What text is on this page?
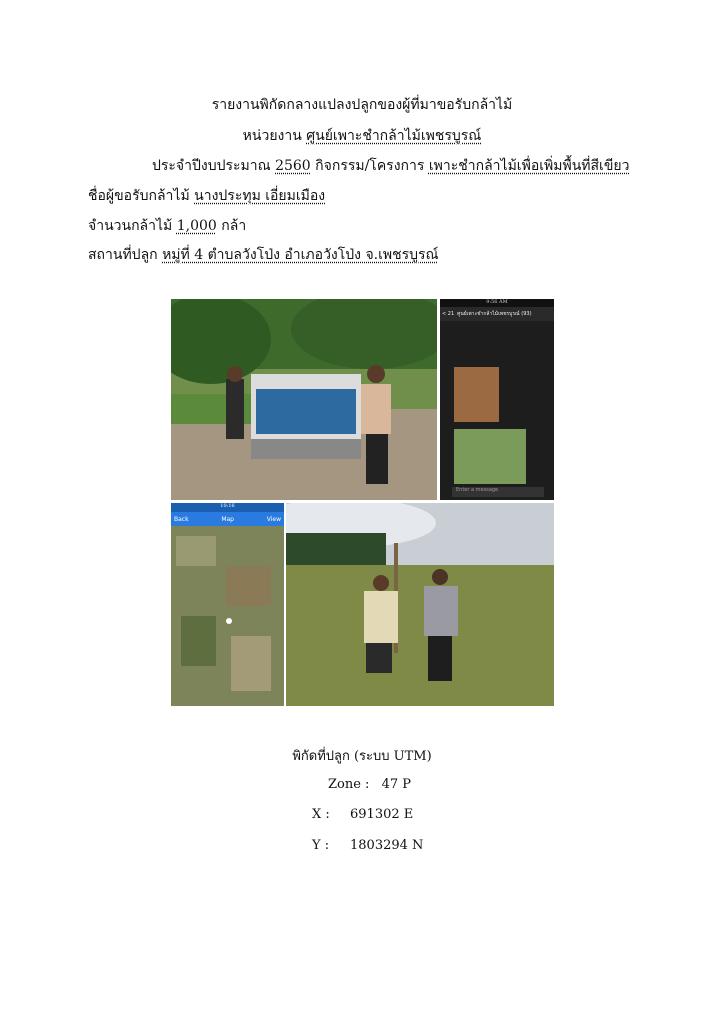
รายงานพิกัดกลางแปลงปลูกของผู้ที่มาขอรับกล้าไม้
หน่วยงาน ศูนย์เพาะชำกล้าไม้เพชรบูรณ์
ประจำปีงบประมาณ 2560 กิจกรรม/โครงการ เพาะชำกล้าไม้เพื่อเพิ่มพื้นที่สีเขียว
ชื่อผู้ขอรับกล้าไม้ นางประทุม เอี่ยมเมือง
จำนวนกล้าไม้ 1,000 กล้า
สถานที่ปลูก หมู่ที่ 4 ตำบลวังโป่ง อำเภอวังโป่ง จ.เพชรบูรณ์
9:56 AM
< 21 ศูนย์เพาะชำกล้าไม้เพชรบูรณ์ (93)
Enter a message
10:16
Back	Map	View
พิกัดที่ปลูก (ระบบ UTM)
Zone : 47 P
X : 691302 E
Y : 1803294 N
